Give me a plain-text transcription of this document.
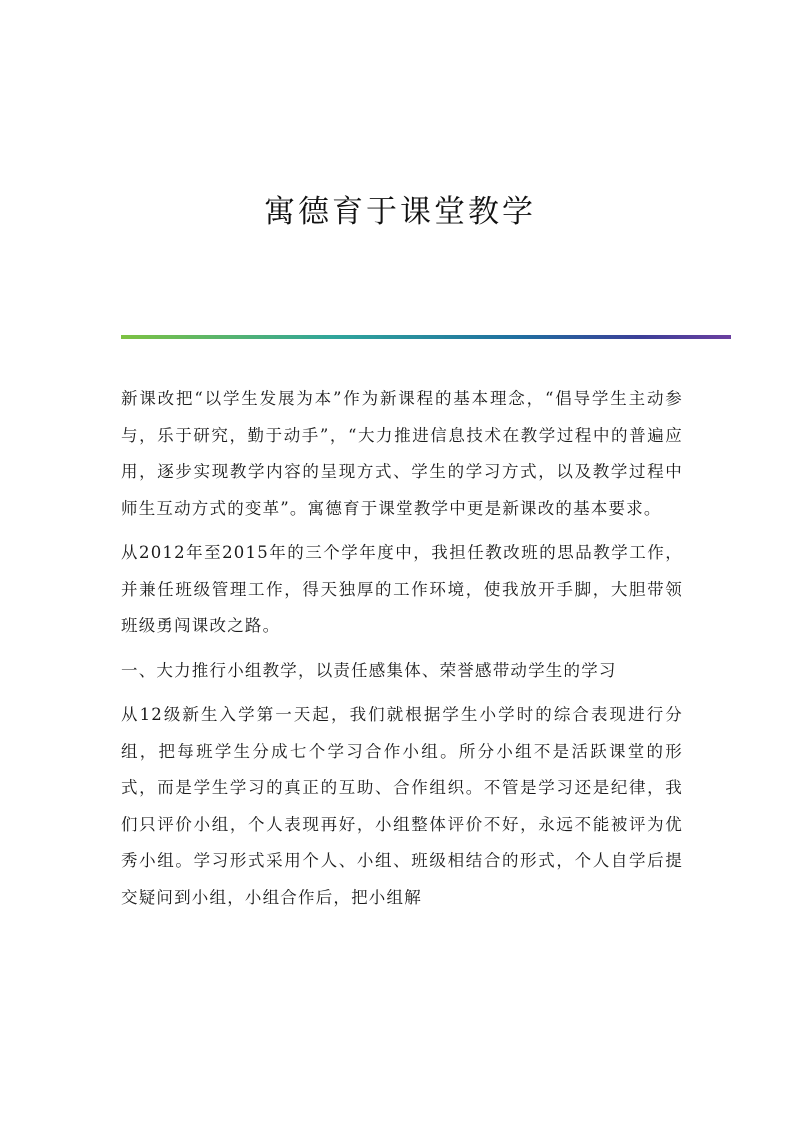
寓德育于课堂教学

新课改把“以学生发展为本”作为新课程的基本理念，“倡导学生主动参与，乐于研究，勤于动手”，“大力推进信息技术在教学过程中的普遍应用，逐步实现教学内容的呈现方式、学生的学习方式，以及教学过程中师生互动方式的变革”。寓德育于课堂教学中更是新课改的基本要求。

从2012年至2015年的三个学年度中，我担任教改班的思品教学工作，并兼任班级管理工作，得天独厚的工作环境，使我放开手脚，大胆带领班级勇闯课改之路。

一、大力推行小组教学，以责任感集体、荣誉感带动学生的学习

从12级新生入学第一天起，我们就根据学生小学时的综合表现进行分组，把每班学生分成七个学习合作小组。所分小组不是活跃课堂的形式，而是学生学习的真正的互助、合作组织。不管是学习还是纪律，我们只评价小组，个人表现再好，小组整体评价不好，永远不能被评为优秀小组。学习形式采用个人、小组、班级相结合的形式，个人自学后提交疑问到小组，小组合作后，把小组解
